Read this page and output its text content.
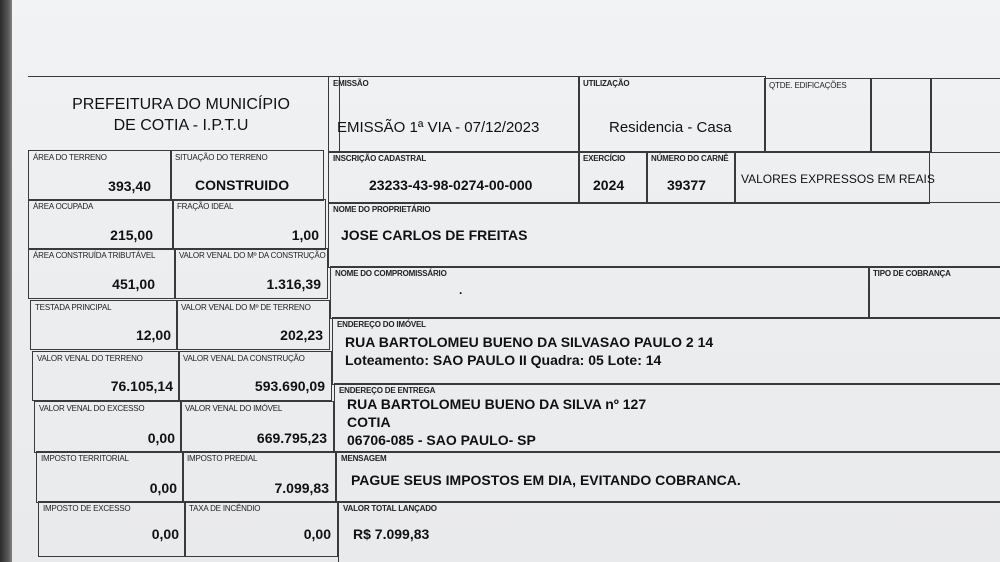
PREFEITURA DO MUNICÍPIO
DE COTIA - I.P.T.U
EMISSÃO
EMISSÃO 1ª VIA - 07/12/2023
UTILIZAÇÃO
Residencia - Casa
QTDE. EDIFICAÇÕES
INSCRIÇÃO CADASTRAL
23233-43-98-0274-00-000
EXERCÍCIO
2024
NÚMERO DO CARNÊ
39377	VALORES EXPRESSOS EM REAIS
NOME DO PROPRIETÁRIO
JOSE CARLOS DE FREITAS
NOME DO COMPROMISSÁRIO
.
TIPO DE COBRANÇA
ENDEREÇO DO IMÓVEL
RUA BARTOLOMEU BUENO DA SILVASAO PAULO 2 14
Loteamento: SAO PAULO II Quadra: 05 Lote: 14
ENDEREÇO DE ENTREGA
RUA BARTOLOMEU BUENO DA SILVA nº 127
COTIA
06706-085 - SAO PAULO- SP
MENSAGEM
PAGUE SEUS IMPOSTOS EM DIA, EVITANDO COBRANCA.
VALOR TOTAL LANÇADO
R$ 7.099,83
ÁREA DO TERRENO
393,40
SITUAÇÃO DO TERRENO
CONSTRUIDO
ÁREA OCUPADA
215,00
FRAÇÃO IDEAL
1,00
ÁREA CONSTRUÍDA TRIBUTÁVEL
451,00
VALOR VENAL DO Mº DA CONSTRUÇÃO
1.316,39
TESTADA PRINCIPAL
12,00
VALOR VENAL DO Mº DE TERRENO
202,23
VALOR VENAL DO TERRENO
76.105,14
VALOR VENAL DA CONSTRUÇÃO
593.690,09
VALOR VENAL DO EXCESSO
0,00
VALOR VENAL DO IMÓVEL
669.795,23
IMPOSTO TERRITORIAL
0,00
IMPOSTO PREDIAL
7.099,83
IMPOSTO DE EXCESSO
0,00
TAXA DE INCÊNDIO
0,00
